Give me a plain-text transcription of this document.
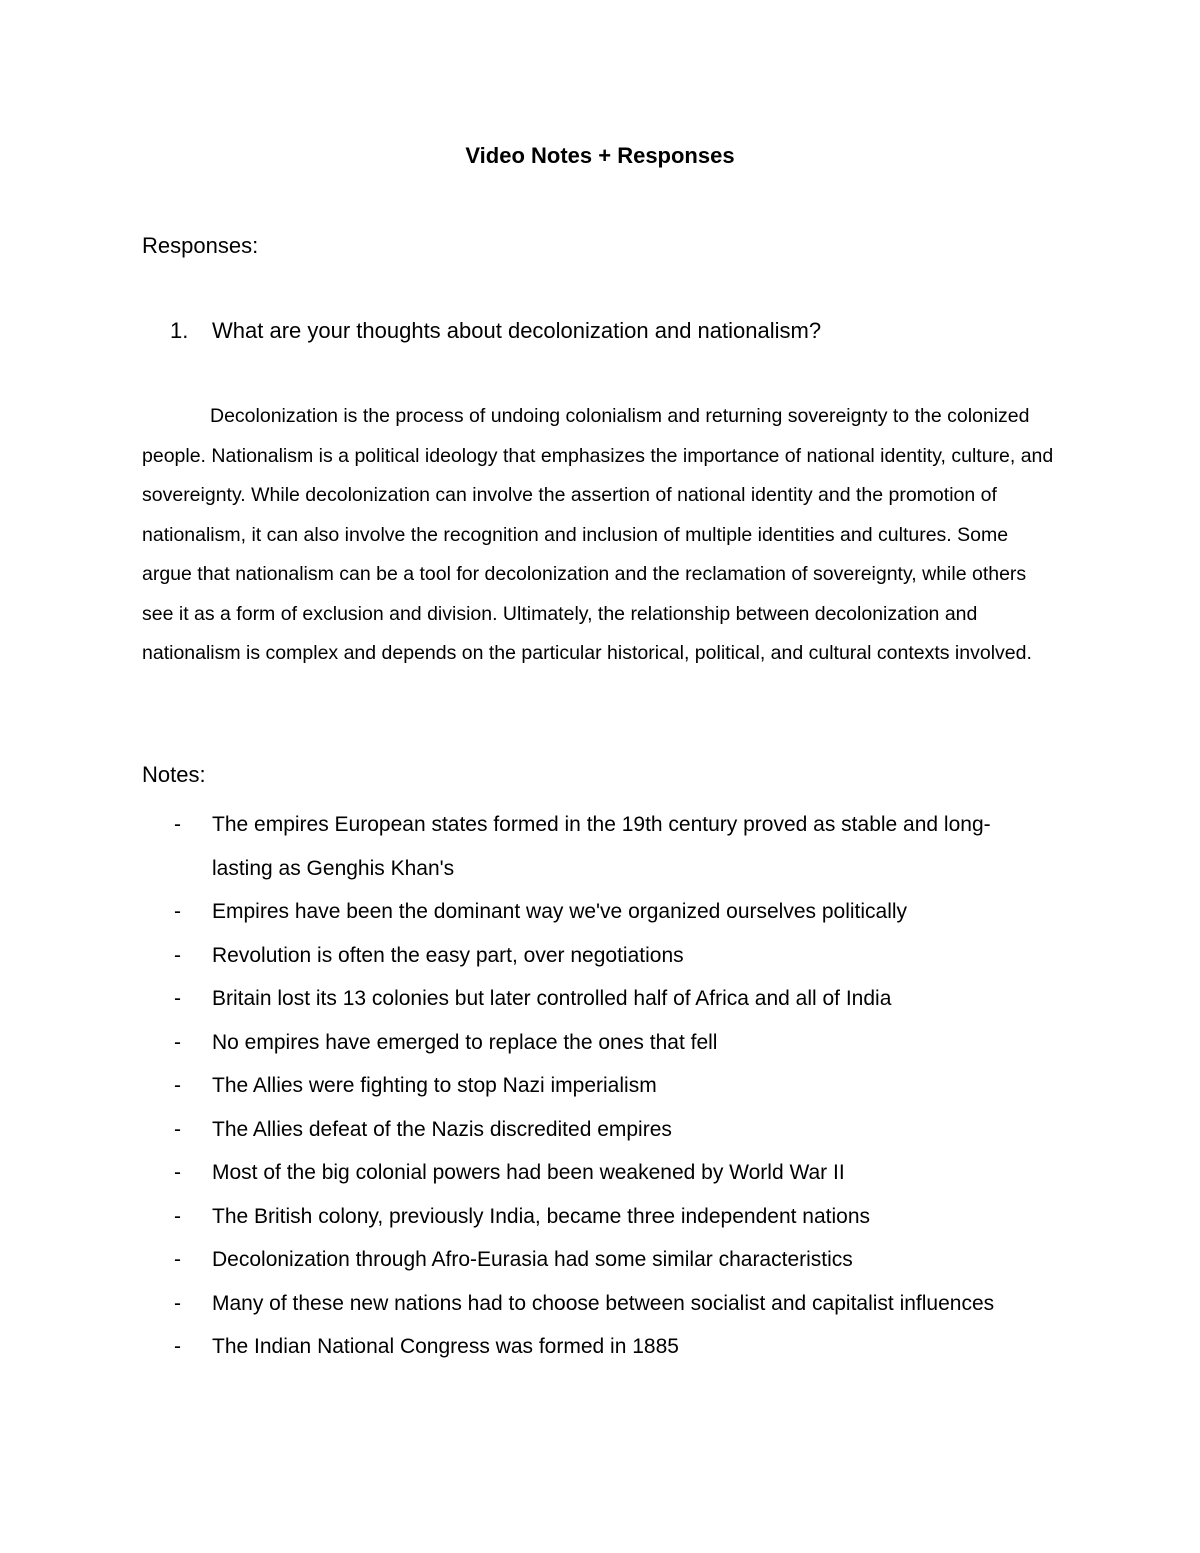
Video Notes + Responses
Responses:
1. What are your thoughts about decolonization and nationalism?

Decolonization is the process of undoing colonialism and returning sovereignty to the colonized people. Nationalism is a political ideology that emphasizes the importance of national identity, culture, and sovereignty. While decolonization can involve the assertion of national identity and the promotion of nationalism, it can also involve the recognition and inclusion of multiple identities and cultures. Some argue that nationalism can be a tool for decolonization and the reclamation of sovereignty, while others see it as a form of exclusion and division. Ultimately, the relationship between decolonization and nationalism is complex and depends on the particular historical, political, and cultural contexts involved.

Notes:
- The empires European states formed in the 19th century proved as stable and long-lasting as Genghis Khan's
- Empires have been the dominant way we've organized ourselves politically
- Revolution is often the easy part, over negotiations
- Britain lost its 13 colonies but later controlled half of Africa and all of India
- No empires have emerged to replace the ones that fell
- The Allies were fighting to stop Nazi imperialism
- The Allies defeat of the Nazis discredited empires
- Most of the big colonial powers had been weakened by World War II
- The British colony, previously India, became three independent nations
- Decolonization through Afro-Eurasia had some similar characteristics
- Many of these new nations had to choose between socialist and capitalist influences
- The Indian National Congress was formed in 1885
